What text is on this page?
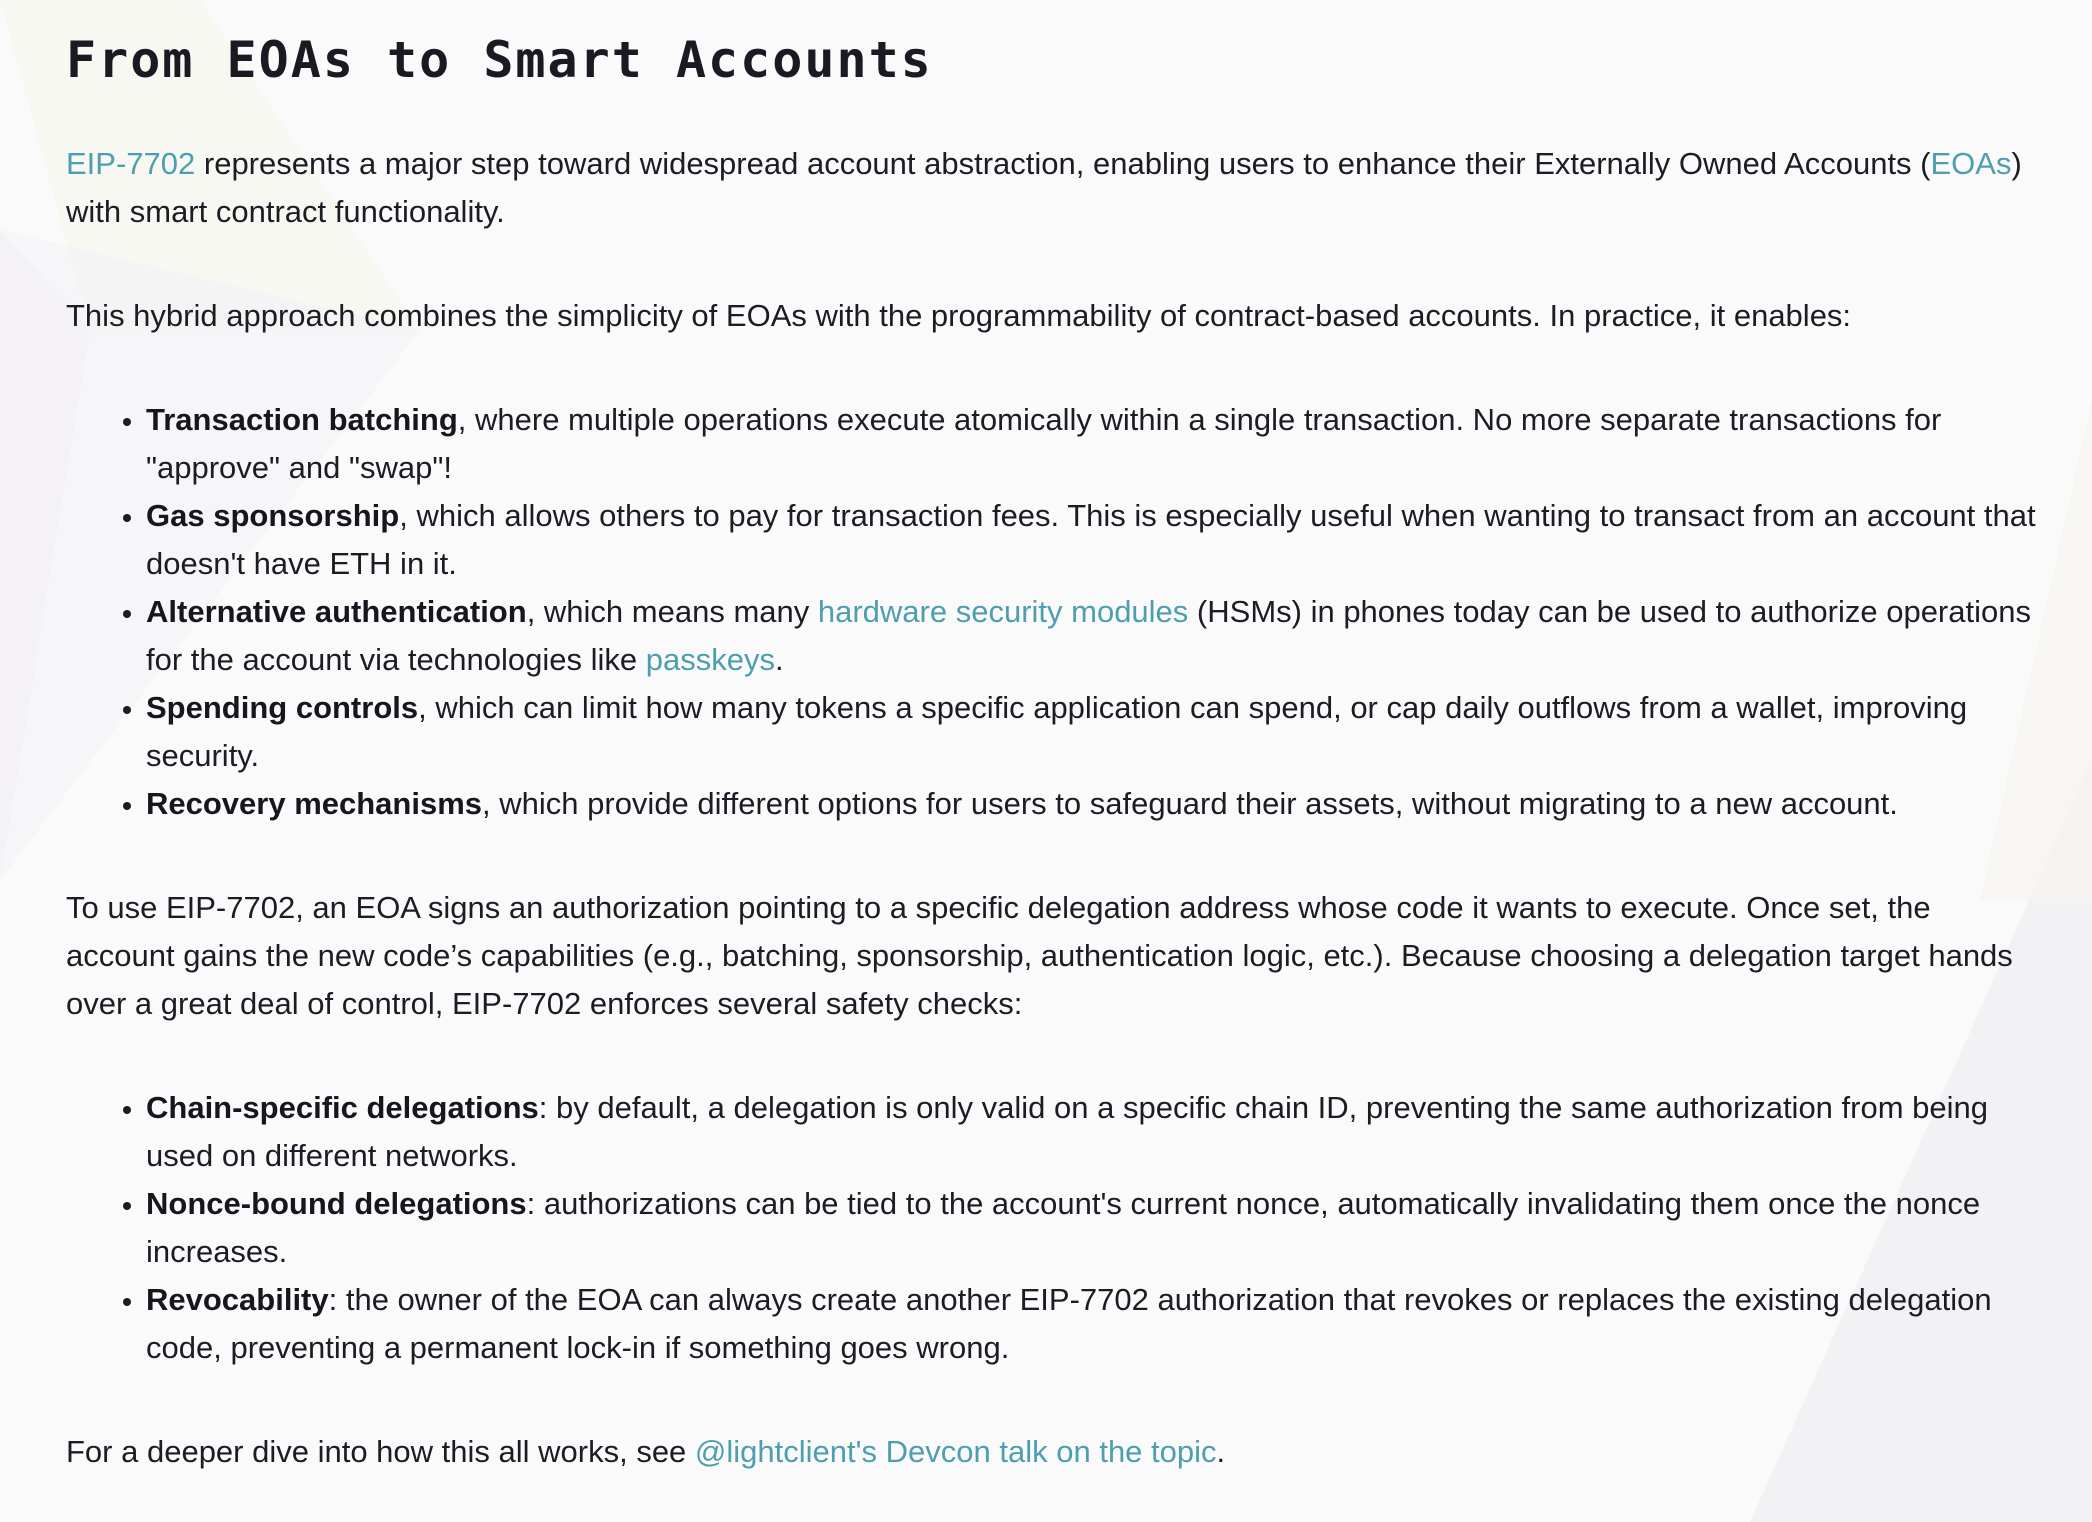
From EOAs to Smart Accounts

EIP-7702 represents a major step toward widespread account abstraction, enabling users to enhance their Externally Owned Accounts (EOAs) with smart contract functionality.

This hybrid approach combines the simplicity of EOAs with the programmability of contract-based accounts. In practice, it enables:

• Transaction batching, where multiple operations execute atomically within a single transaction. No more separate transactions for "approve" and "swap"!
• Gas sponsorship, which allows others to pay for transaction fees. This is especially useful when wanting to transact from an account that doesn't have ETH in it.
• Alternative authentication, which means many hardware security modules (HSMs) in phones today can be used to authorize operations for the account via technologies like passkeys.
• Spending controls, which can limit how many tokens a specific application can spend, or cap daily outflows from a wallet, improving security.
• Recovery mechanisms, which provide different options for users to safeguard their assets, without migrating to a new account.

To use EIP-7702, an EOA signs an authorization pointing to a specific delegation address whose code it wants to execute. Once set, the account gains the new code’s capabilities (e.g., batching, sponsorship, authentication logic, etc.). Because choosing a delegation target hands over a great deal of control, EIP-7702 enforces several safety checks:

• Chain-specific delegations: by default, a delegation is only valid on a specific chain ID, preventing the same authorization from being used on different networks.
• Nonce-bound delegations: authorizations can be tied to the account's current nonce, automatically invalidating them once the nonce increases.
• Revocability: the owner of the EOA can always create another EIP-7702 authorization that revokes or replaces the existing delegation code, preventing a permanent lock-in if something goes wrong.

For a deeper dive into how this all works, see @lightclient's Devcon talk on the topic.
